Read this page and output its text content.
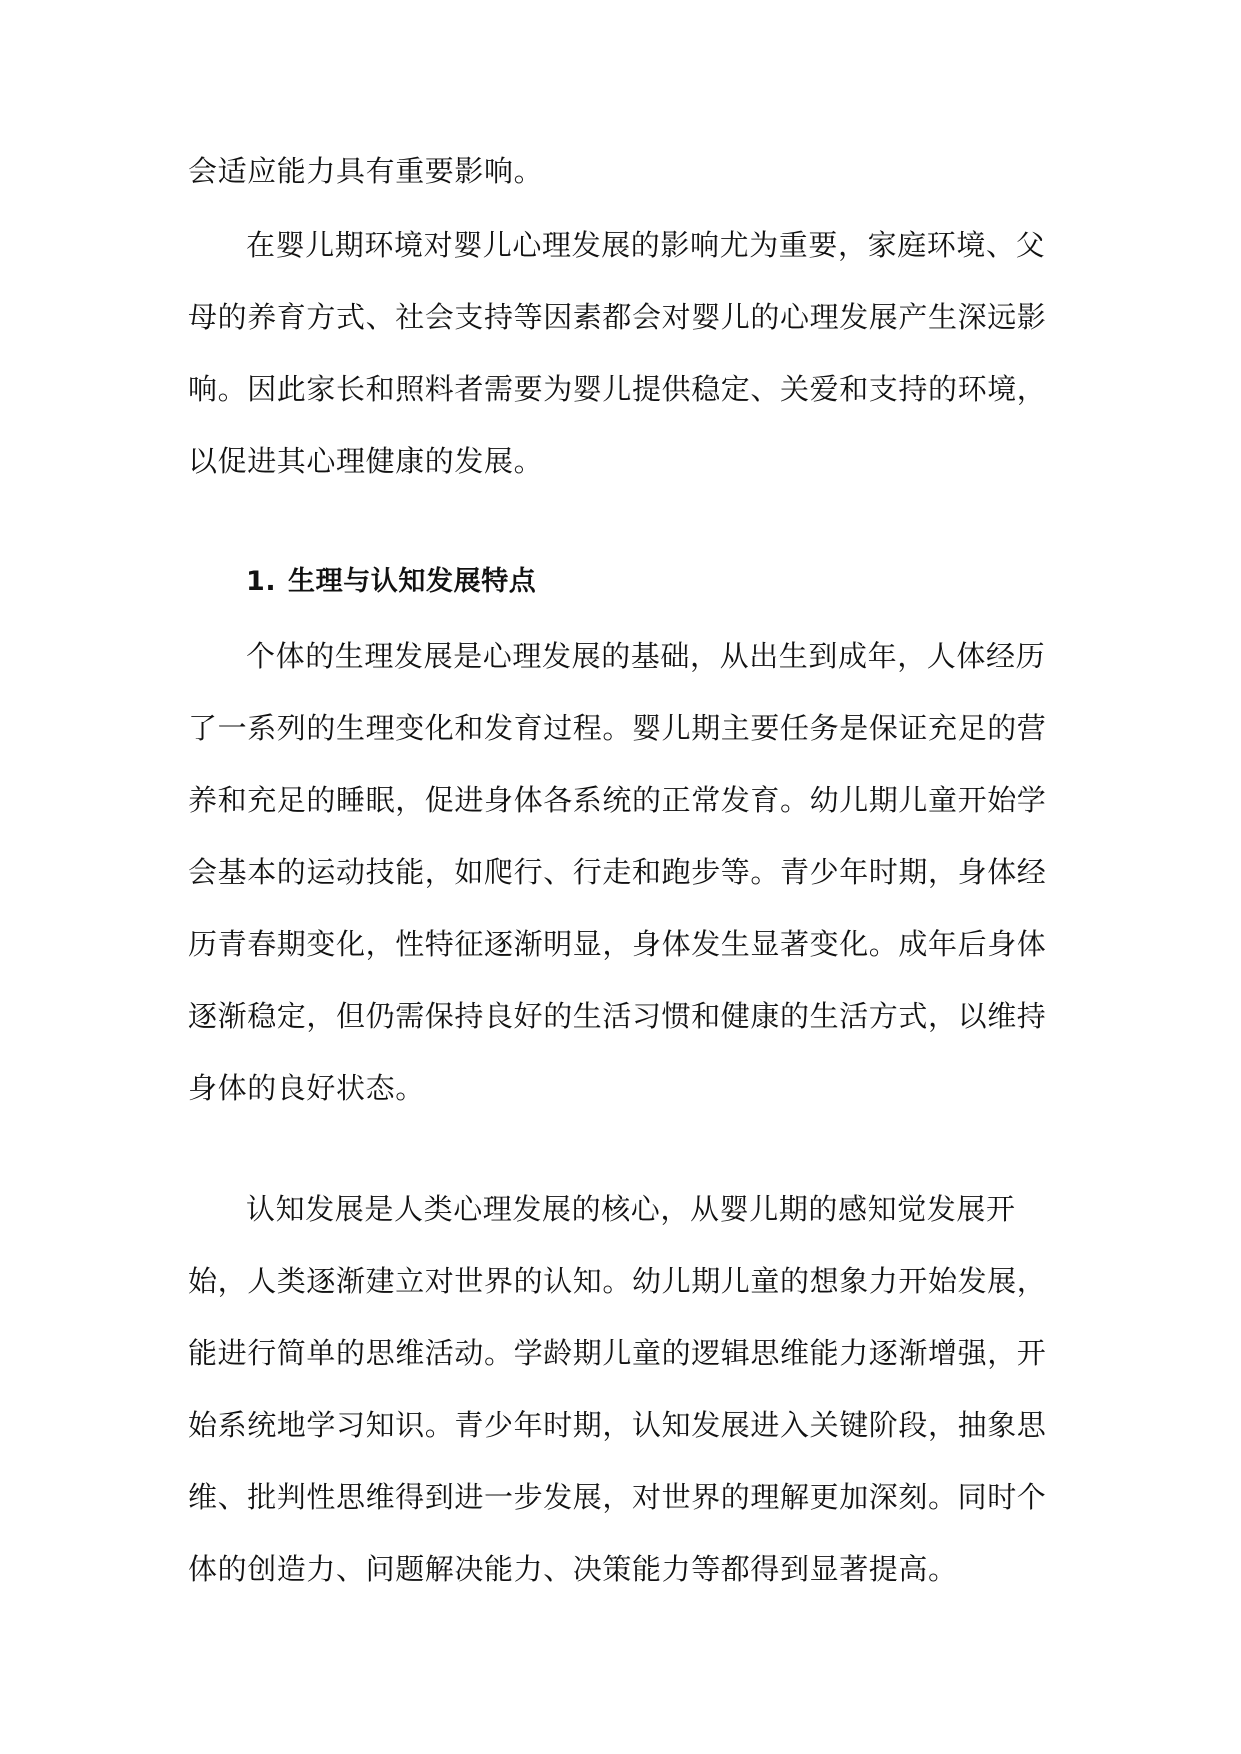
会适应能力具有重要影响。

在婴儿期环境对婴儿心理发展的影响尤为重要，家庭环境、父母的养育方式、社会支持等因素都会对婴儿的心理发展产生深远影响。因此家长和照料者需要为婴儿提供稳定、关爱和支持的环境，以促进其心理健康的发展。

1. 生理与认知发展特点

个体的生理发展是心理发展的基础，从出生到成年，人体经历了一系列的生理变化和发育过程。婴儿期主要任务是保证充足的营养和充足的睡眠，促进身体各系统的正常发育。幼儿期儿童开始学会基本的运动技能，如爬行、行走和跑步等。青少年时期，身体经历青春期变化，性特征逐渐明显，身体发生显著变化。成年后身体逐渐稳定，但仍需保持良好的生活习惯和健康的生活方式，以维持身体的良好状态。

认知发展是人类心理发展的核心，从婴儿期的感知觉发展开始，人类逐渐建立对世界的认知。幼儿期儿童的想象力开始发展，能进行简单的思维活动。学龄期儿童的逻辑思维能力逐渐增强，开始系统地学习知识。青少年时期，认知发展进入关键阶段，抽象思维、批判性思维得到进一步发展，对世界的理解更加深刻。同时个体的创造力、问题解决能力、决策能力等都得到显著提高。
